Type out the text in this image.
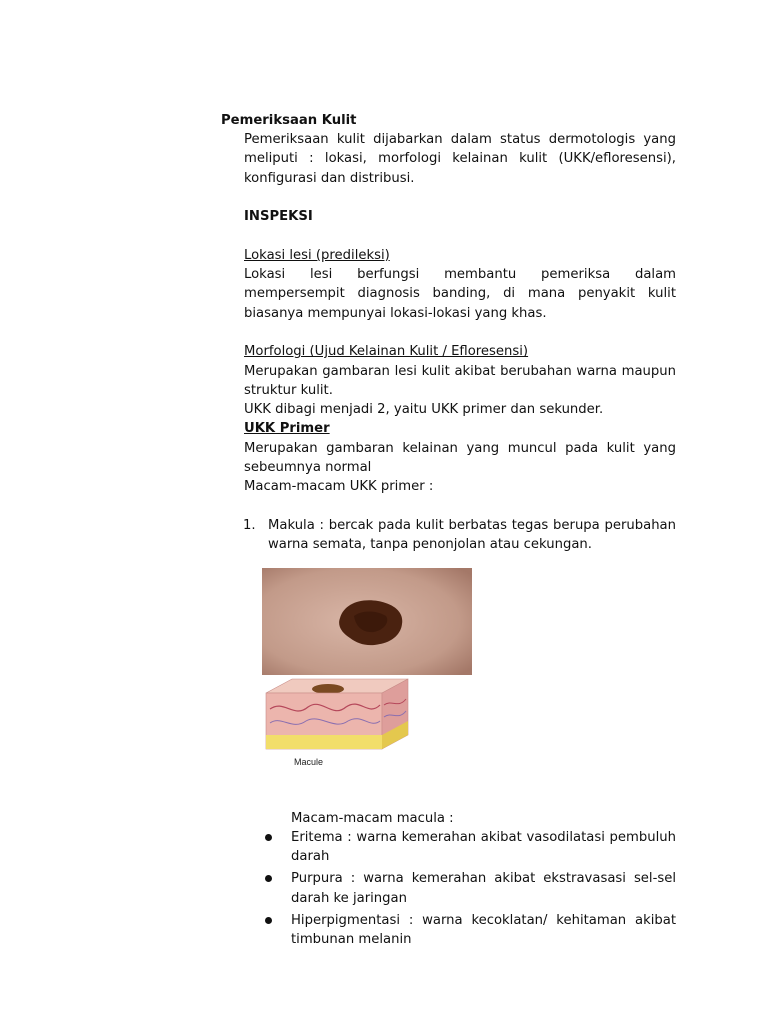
Pemeriksaan Kulit

Pemeriksaan kulit dijabarkan dalam status dermotologis yang meliputi : lokasi, morfologi kelainan kulit (UKK/efloresensi), konfigurasi dan distribusi.

INSPEKSI

Lokasi lesi (predileksi)

Lokasi lesi berfungsi membantu pemeriksa dalam mempersempit diagnosis banding, di mana penyakit kulit biasanya mempunyai lokasi-lokasi yang khas.

Morfologi (Ujud Kelainan Kulit / Efloresensi)

Merupakan gambaran lesi kulit akibat berubahan warna maupun struktur kulit.

UKK dibagi menjadi 2, yaitu UKK primer dan sekunder.

UKK Primer

Merupakan gambaran kelainan yang muncul pada kulit yang sebeumnya normal

Macam-macam UKK primer :

1. Makula : bercak pada kulit berbatas tegas berupa perubahan warna semata, tanpa penonjolan atau cekungan.

Macule

Macam-macam macula :

Eritema : warna kemerahan akibat vasodilatasi pembuluh darah

Purpura : warna kemerahan akibat ekstravasasi sel-sel darah ke jaringan

Hiperpigmentasi : warna kecoklatan/ kehitaman akibat timbunan melanin
